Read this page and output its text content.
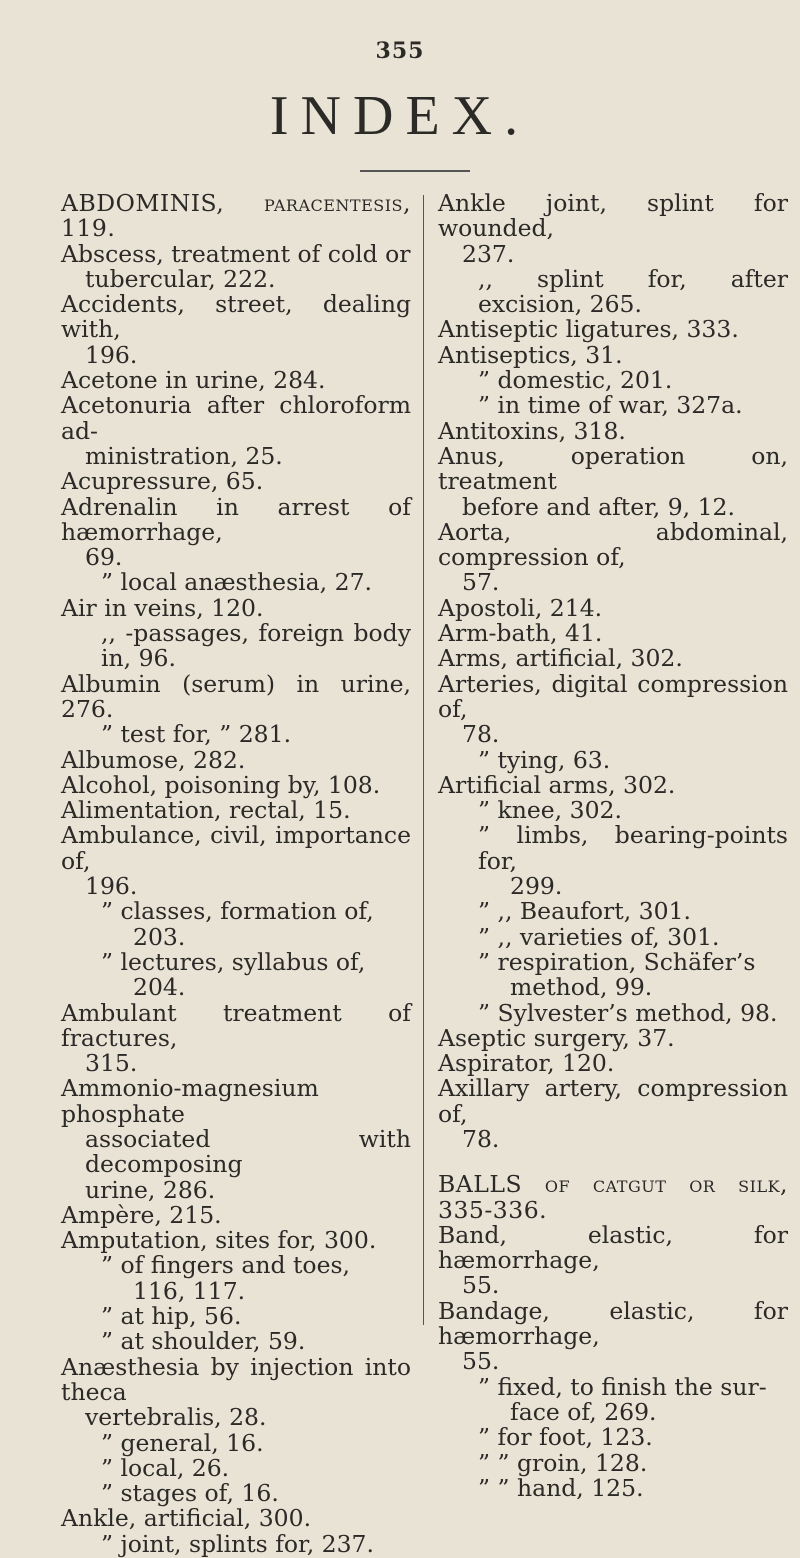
355
INDEX.
ABDOMINIS, paracentesis, 119.
Abscess, treatment of cold or
tubercular, 222.
Accidents, street, dealing with,
196.
Acetone in urine, 284.
Acetonuria after chloroform ad-
ministration, 25.
Acupressure, 65.
Adrenalin in arrest of hæmorrhage,
69.
” local anæsthesia, 27.
Air in veins, 120.
,, -passages, foreign body in, 96.
Albumin (serum) in urine, 276.
” test for, ” 281.
Albumose, 282.
Alcohol, poisoning by, 108.
Alimentation, rectal, 15.
Ambulance, civil, importance of,
196.
” classes, formation of,
203.
” lectures, syllabus of,
204.
Ambulant treatment of fractures,
315.
Ammonio-magnesium phosphate
associated with decomposing
urine, 286.
Ampère, 215.
Amputation, sites for, 300.
” of fingers and toes,
116, 117.
” at hip, 56.
” at shoulder, 59.
Anæsthesia by injection into theca
vertebralis, 28.
” general, 16.
” local, 26.
” stages of, 16.
Ankle, artificial, 300.
” joint, splints for, 237.
Ankle joint, splint for wounded,
237.
,, splint for, after excision, 265.
Antiseptic ligatures, 333.
Antiseptics, 31.
” domestic, 201.
” in time of war, 327a.
Antitoxins, 318.
Anus, operation on, treatment
before and after, 9, 12.
Aorta, abdominal, compression of,
57.
Apostoli, 214.
Arm-bath, 41.
Arms, artificial, 302.
Arteries, digital compression of,
78.
” tying, 63.
Artificial arms, 302.
” knee, 302.
” limbs, bearing-points for,
299.
” ,, Beaufort, 301.
” ,, varieties of, 301.
” respiration, Schäfer’s
method, 99.
” Sylvester’s method, 98.
Aseptic surgery, 37.
Aspirator, 120.
Axillary artery, compression of,
78.
BALLS of catgut or silk, 335-336.
Band, elastic, for hæmorrhage,
55.
Bandage, elastic, for hæmorrhage,
55.
” fixed, to finish the sur-
face of, 269.
” for foot, 123.
” ” groin, 128.
” ” hand, 125.
